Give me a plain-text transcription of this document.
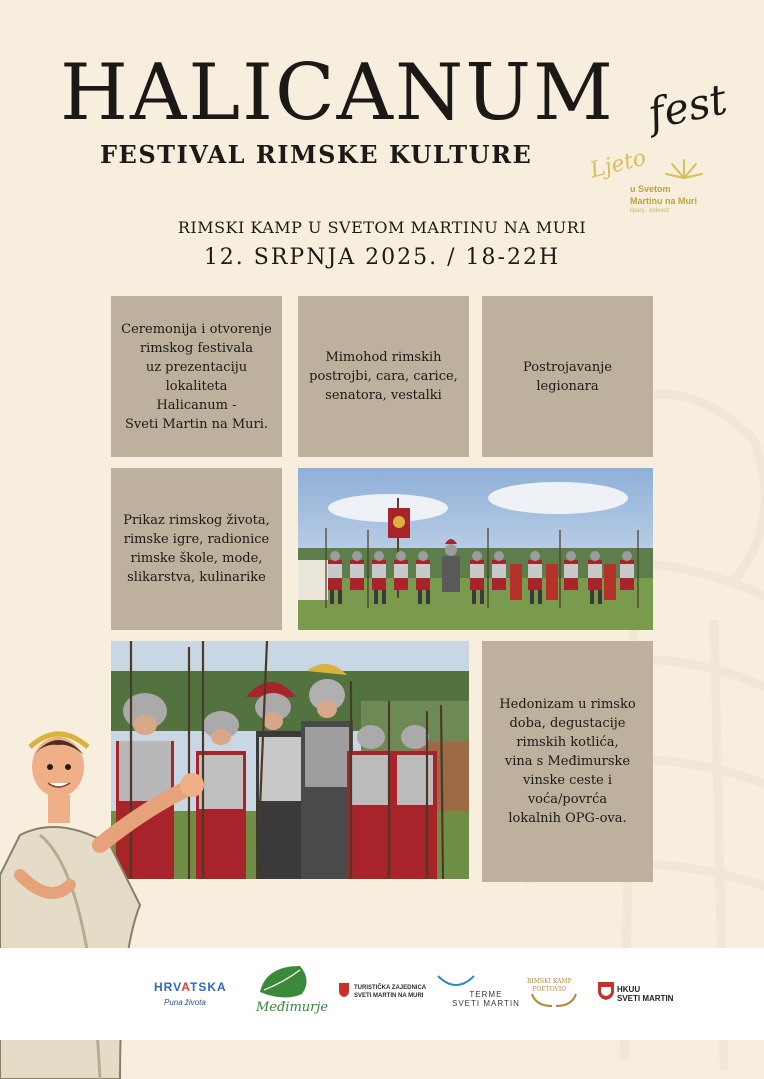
HALICANUM fest
FESTIVAL RIMSKE KULTURE	Ljeto
u Svetom
Martinu na Muri
lipanj - kolovoz
RIMSKI KAMP U SVETOM MARTINU NA MURI
12. SRPNJA 2025. / 18-22H
Ceremonija i otvorenje
rimskog festivala
uz prezentaciju
lokaliteta
Halicanum -
Sveti Martin na Muri.
Mimohod rimskih
postrojbi, cara, carice,
senatora, vestalki
Postrojavanje
legionara
Prikaz rimskog života,
rimske igre, radionice
rimske škole, mode,
slikarstva, kulinarike
Hedonizam u rimsko
doba, degustacije
rimskih kotlića,
vina s Međimurske
vinske ceste i
voća/povrća
lokalnih OPG-ova.
HRVATSKA
Puna života	Međimurje
TURISTIČKA ZAJEDNICA
SVETI MARTIN NA MURI	TERME
SVETI MARTIN
RIMSKI KAMP
POETOVIO	HKUU
SVETI MARTIN
